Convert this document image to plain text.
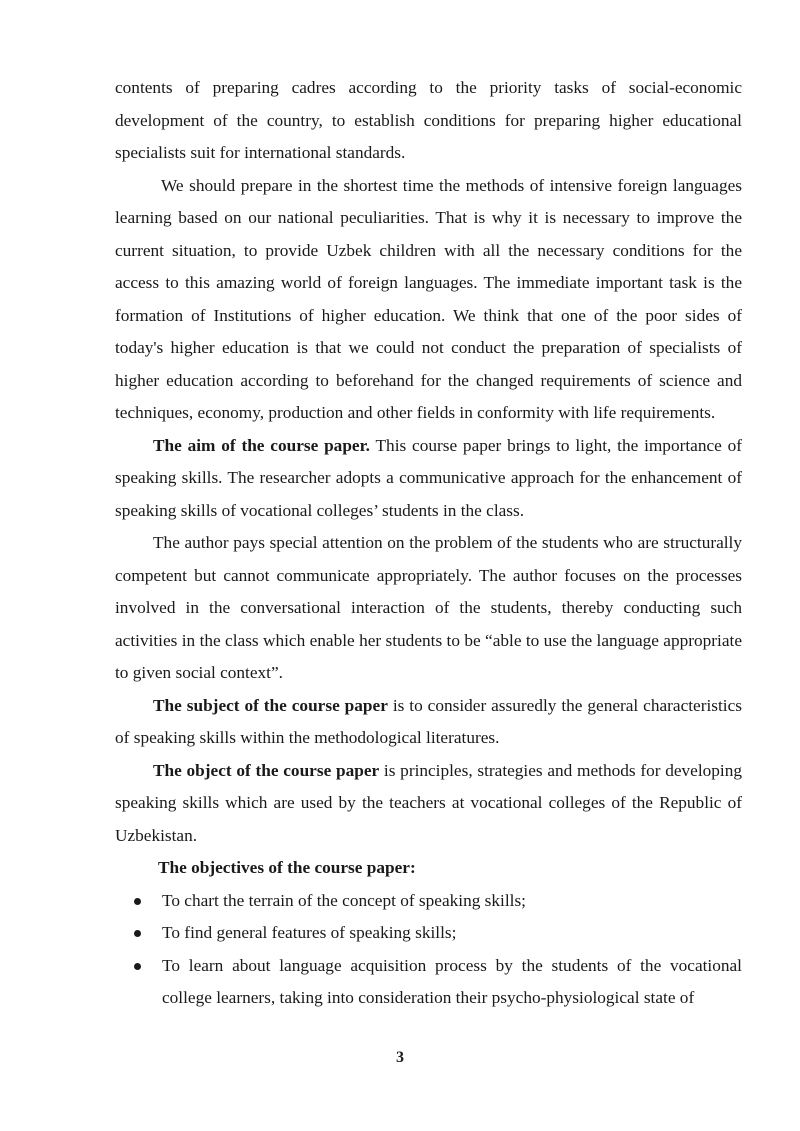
contents of preparing cadres according to the priority tasks of social-economic development of the country, to establish conditions for preparing higher educational specialists suit for international standards.

We should prepare in the shortest time the methods of intensive foreign languages learning based on our national peculiarities. That is why it is necessary to improve the current situation, to provide Uzbek children with all the necessary conditions for the access to this amazing world of foreign languages. The immediate important task is the formation of Institutions of higher education. We think that one of the poor sides of today's higher education is that we could not conduct the preparation of specialists of higher education according to beforehand for the changed requirements of science and techniques, economy, production and other fields in conformity with life requirements.

The aim of the course paper. This course paper brings to light, the importance of speaking skills. The researcher adopts a communicative approach for the enhancement of speaking skills of vocational colleges’ students in the class.

The author pays special attention on the problem of the students who are structurally competent but cannot communicate appropriately. The author focuses on the processes involved in the conversational interaction of the students, thereby conducting such activities in the class which enable her students to be “able to use the language appropriate to given social context”.

The subject of the course paper is to consider assuredly the general characteristics of speaking skills within the methodological literatures.

The object of the course paper is principles, strategies and methods for developing speaking skills which are used by the teachers at vocational colleges of the Republic of Uzbekistan.

The objectives of the course paper:

To chart the terrain of the concept of speaking skills;
To find general features of speaking skills;
To learn about language acquisition process by the students of the vocational college learners, taking into consideration their psycho-physiological state of
3
